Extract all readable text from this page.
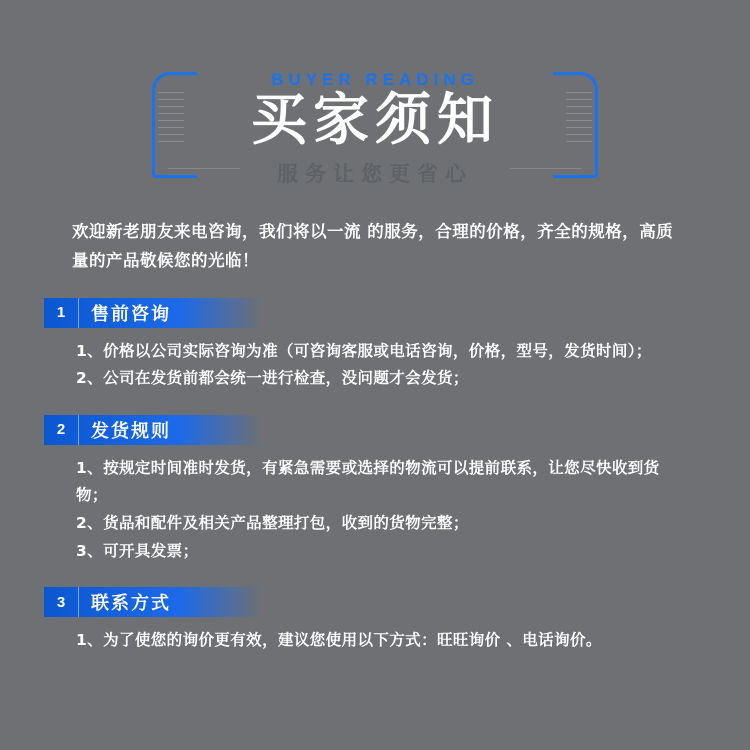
BUYER READING
买家须知
服务让您更省心
欢迎新老朋友来电咨询，我们将以一流 的服务，合理的价格，齐全的规格，高质量的产品敬候您的光临！
1	售前咨询

1、价格以公司实际咨询为准（可咨询客服或电话咨询，价格，型号，发货时间）；

2、公司在发货前都会统一进行检查，没问题才会发货；

2	发货规则

1、按规定时间准时发货，有紧急需要或选择的物流可以提前联系，让您尽快收到货物；

2、货品和配件及相关产品整理打包，收到的货物完整；

3、可开具发票；

3	联系方式

1、为了使您的询价更有效，建议您使用以下方式：旺旺询价 、电话询价。
